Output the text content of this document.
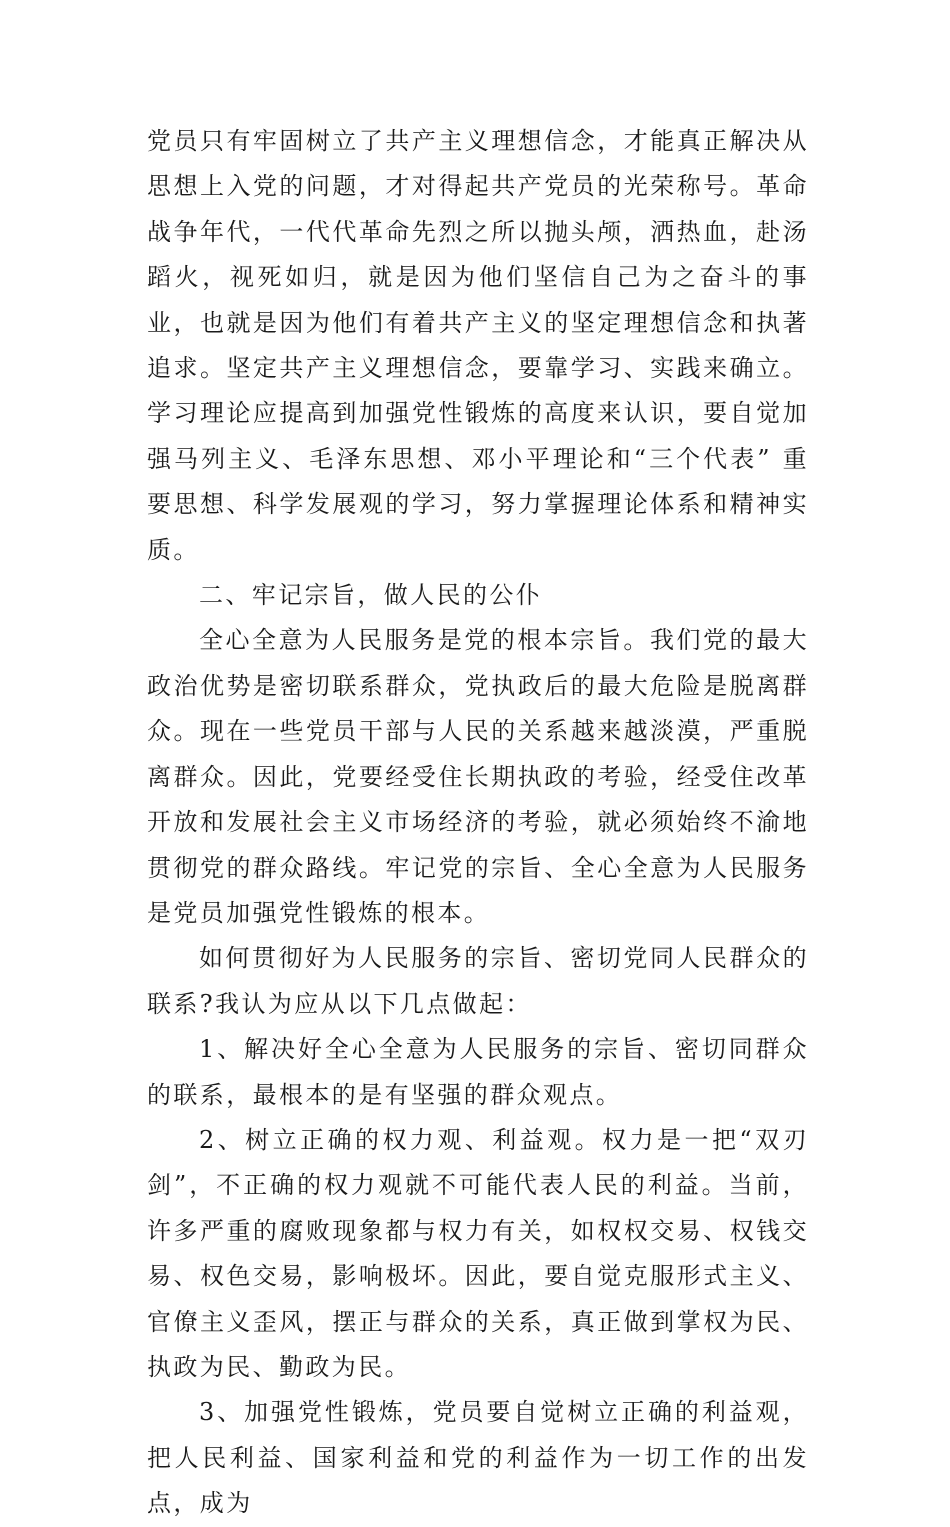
党员只有牢固树立了共产主义理想信念，才能真正解决从思想上入党的问题，才对得起共产党员的光荣称号。革命战争年代，一代代革命先烈之所以抛头颅，洒热血，赴汤蹈火，视死如归，就是因为他们坚信自己为之奋斗的事业，也就是因为他们有着共产主义的坚定理想信念和执著追求。坚定共产主义理想信念，要靠学习、实践来确立。学习理论应提高到加强党性锻炼的高度来认识，要自觉加强马列主义、毛泽东思想、邓小平理论和“三个代表” 重要思想、科学发展观的学习，努力掌握理论体系和精神实质。

二、牢记宗旨，做人民的公仆

全心全意为人民服务是党的根本宗旨。我们党的最大政治优势是密切联系群众，党执政后的最大危险是脱离群众。现在一些党员干部与人民的关系越来越淡漠，严重脱离群众。因此，党要经受住长期执政的考验，经受住改革开放和发展社会主义市场经济的考验，就必须始终不渝地贯彻党的群众路线。牢记党的宗旨、全心全意为人民服务是党员加强党性锻炼的根本。

如何贯彻好为人民服务的宗旨、密切党同人民群众的联系?我认为应从以下几点做起：

1、解决好全心全意为人民服务的宗旨、密切同群众的联系，最根本的是有坚强的群众观点。

2、树立正确的权力观、利益观。权力是一把“双刃剑”，不正确的权力观就不可能代表人民的利益。当前，许多严重的腐败现象都与权力有关，如权权交易、权钱交易、权色交易，影响极坏。因此，要自觉克服形式主义、官僚主义歪风，摆正与群众的关系，真正做到掌权为民、执政为民、勤政为民。

3、加强党性锻炼，党员要自觉树立正确的利益观，把人民利益、国家利益和党的利益作为一切工作的出发点，成为
